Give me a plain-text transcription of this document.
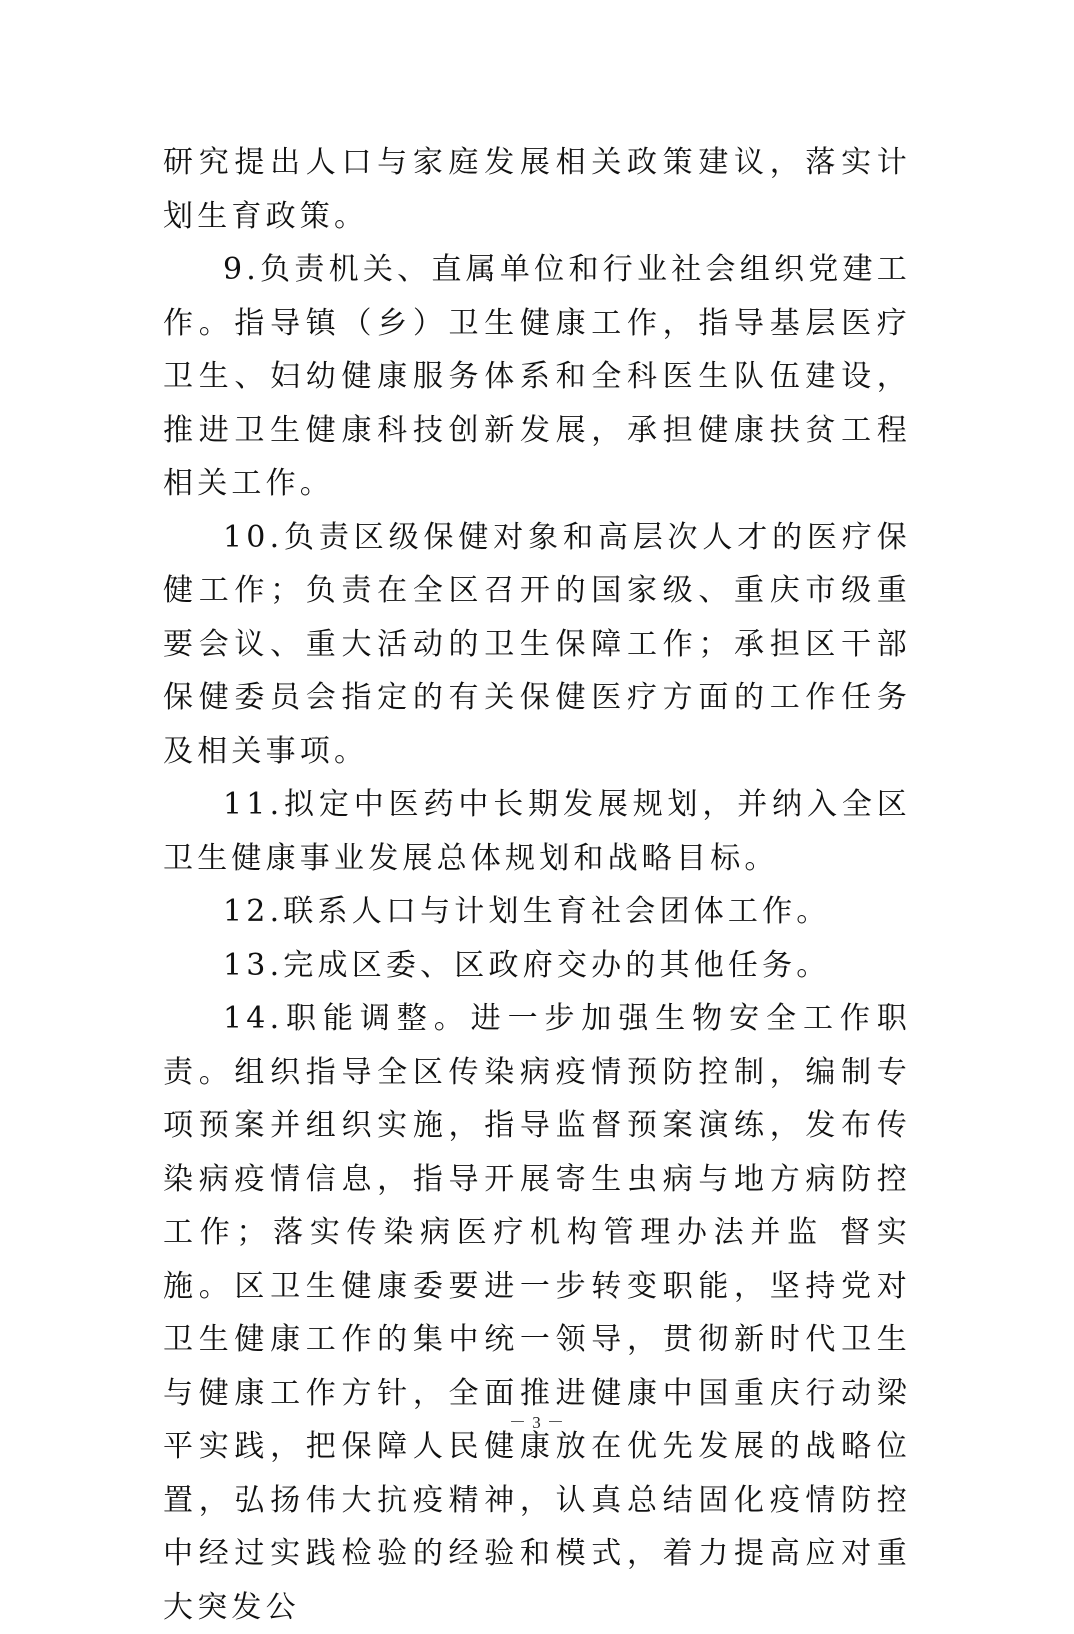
研究提出人口与家庭发展相关政策建议，落实计划生育政策。

9.负责机关、直属单位和行业社会组织党建工作。指导镇（乡）卫生健康工作，指导基层医疗卫生、妇幼健康服务体系和全科医生队伍建设，推进卫生健康科技创新发展，承担健康扶贫工程相关工作。

10.负责区级保健对象和高层次人才的医疗保健工作；负责在全区召开的国家级、重庆市级重要会议、重大活动的卫生保障工作；承担区干部保健委员会指定的有关保健医疗方面的工作任务及相关事项。

11.拟定中医药中长期发展规划，并纳入全区卫生健康事业发展总体规划和战略目标。

12.联系人口与计划生育社会团体工作。

13.完成区委、区政府交办的其他任务。

14.职能调整。进一步加强生物安全工作职责。组织指导全区传染病疫情预防控制，编制专项预案并组织实施，指导监督预案演练，发布传染病疫情信息，指导开展寄生虫病与地方病防控工作；落实传染病医疗机构管理办法并监 督实施。区卫生健康委要进一步转变职能，坚持党对卫生健康工作的集中统一领导，贯彻新时代卫生与健康工作方针，全面推进健康中国重庆行动梁平实践，把保障人民健康放在优先发展的战略位置，弘扬伟大抗疫精神，认真总结固化疫情防控中经过实践检验的经验和模式，着力提高应对重大突发公

－ 3 －
